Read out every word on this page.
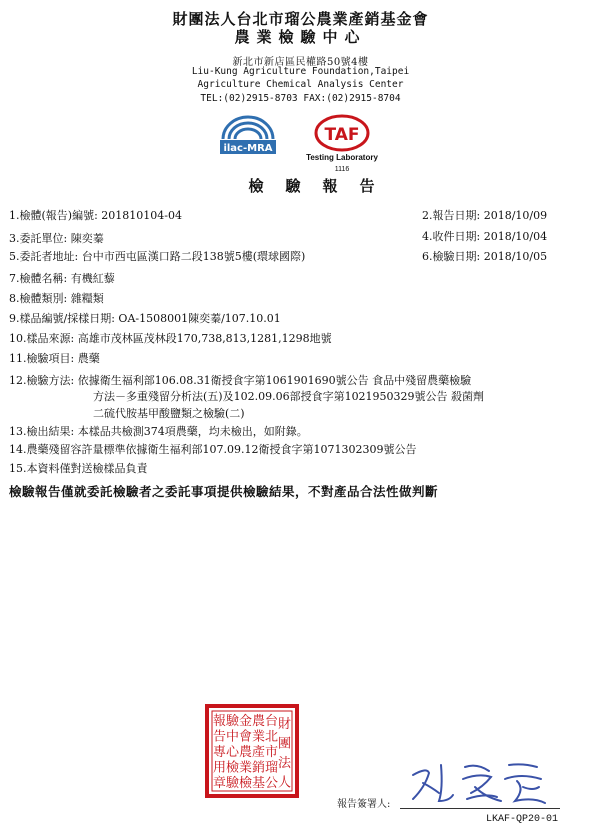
財團法人台北市瑠公農業產銷基金會
農業檢驗中心
新北市新店區民權路50號4樓
Liu-Kung Agriculture Foundation,Taipei
Agriculture Chemical Analysis Center
TEL:(02)2915-8703 FAX:(02)2915-8704
ilac-MRA
TAF
Testing Laboratory
1116
檢驗報告
1.檢體(報告)編號: 201810104-04
3.委託單位: 陳奕蓁
5.委託者地址: 台中市西屯區漢口路二段138號5樓(環球國際)
7.檢體名稱: 有機紅藜
8.檢體類別: 雜糧類
9.樣品編號/採樣日期: OA-1508001陳奕蓁/107.10.01
10.樣品來源: 高雄市茂林區茂林段170,738,813,1281,1298地號
11.檢驗項目: 農藥
12.檢驗方法: 依據衛生福利部106.08.31衛授食字第1061901690號公告 食品中殘留農藥檢驗
方法－多重殘留分析法(五)及102.09.06部授食字第1021950329號公告 殺菌劑
二硫代胺基甲酸鹽類之檢驗(二)
13.檢出結果: 本樣品共檢測374項農藥，均未檢出，如附錄。
14.農藥殘留容許量標準依據衛生福利部107.09.12衛授食字第1071302309號公告
15.本資料僅對送檢樣品負責
2.報告日期: 2018/10/09
4.收件日期: 2018/10/04
6.檢驗日期: 2018/10/05
檢驗報告僅就委託檢驗者之委託事項提供檢驗結果，不對產品合法性做判斷
財
團
法
人
台
北
市
瑠
公
農
業
產
銷
基
金
會
農
業
檢
驗
中
心
檢
驗
報
告
專
用
章
報告簽署人:
LKAF-QP20-01
